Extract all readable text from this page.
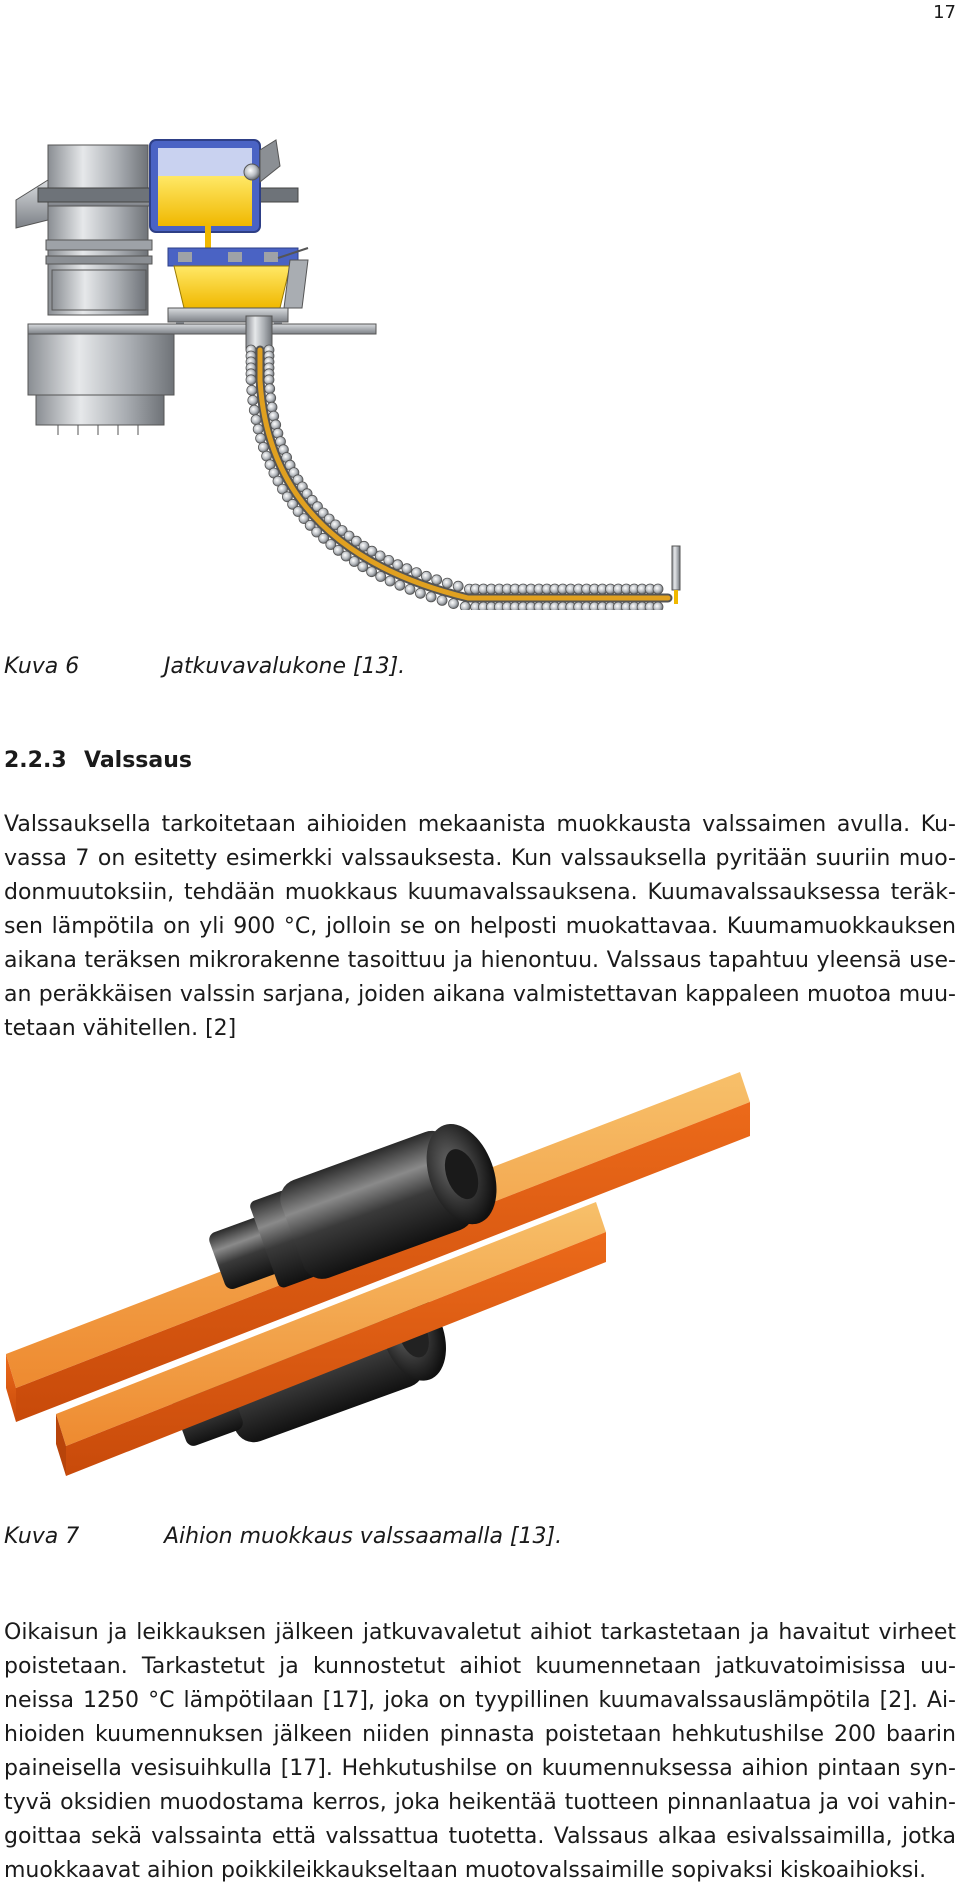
17
Kuva 6	Jatkuvavalukone [13].
2.2.3 Valssaus
Valssauksella tarkoitetaan aihioiden mekaanista muokkausta valssaimen avulla. Ku-
vassa 7 on esitetty esimerkki valssauksesta. Kun valssauksella pyritään suuriin muo-
donmuutoksiin, tehdään muokkaus kuumavalssauksena. Kuumavalssauksessa teräk-
sen lämpötila on yli 900 °C, jolloin se on helposti muokattavaa. Kuumamuokkauksen
aikana teräksen mikrorakenne tasoittuu ja hienontuu. Valssaus tapahtuu yleensä use-
an peräkkäisen valssin sarjana, joiden aikana valmistettavan kappaleen muotoa muu-
tetaan vähitellen. [2]
Kuva 7	Aihion muokkaus valssaamalla [13].
Oikaisun ja leikkauksen jälkeen jatkuvavaletut aihiot tarkastetaan ja havaitut virheet
poistetaan. Tarkastetut ja kunnostetut aihiot kuumennetaan jatkuvatoimisissa uu-
neissa 1250 °C lämpötilaan [17], joka on tyypillinen kuumavalssauslämpötila [2]. Ai-
hioiden kuumennuksen jälkeen niiden pinnasta poistetaan hehkutushilse 200 baarin
paineisella vesisuihkulla [17]. Hehkutushilse on kuumennuksessa aihion pintaan syn-
tyvä oksidien muodostama kerros, joka heikentää tuotteen pinnanlaatua ja voi vahin-
goittaa sekä valssainta että valssattua tuotetta. Valssaus alkaa esivalssaimilla, jotka
muokkaavat aihion poikkileikkaukseltaan muotovalssaimille sopivaksi kiskoaihioksi.
